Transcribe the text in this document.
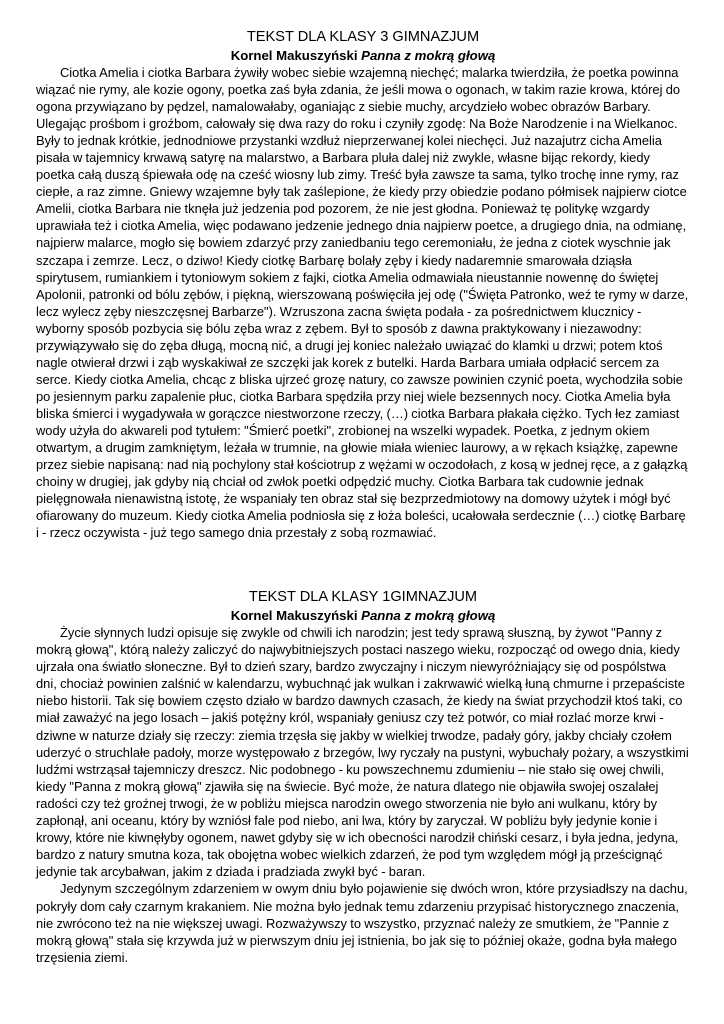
TEKST DLA KLASY 3 GIMNAZJUM
Kornel Makuszyński Panna z mokrą głową

Ciotka Amelia i ciotka Barbara żywiły wobec siebie wzajemną niechęć; malarka twierdziła, że poetka powinna wiązać nie rymy, ale kozie ogony, poetka zaś była zdania, że jeśli mowa o ogonach, w takim razie krowa, której do ogona przywiązano by pędzel, namalowałaby, oganiając z siebie muchy, arcydzieło wobec obrazów Barbary. Ulegając prośbom i groźbom, całowały się dwa razy do roku i czyniły zgodę: Na Boże Narodzenie i na Wielkanoc. Były to jednak krótkie, jednodniowe przystanki wzdłuż nieprzerwanej kolei niechęci. Już nazajutrz cicha Amelia pisała w tajemnicy krwawą satyrę na malarstwo, a Barbara pluła dalej niż zwykle, własne bijąc rekordy, kiedy poetka całą duszą śpiewała odę na cześć wiosny lub zimy. Treść była zawsze ta sama, tylko trochę inne rymy, raz ciepłe, a raz zimne. Gniewy wzajemne były tak zaślepione, że kiedy przy obiedzie podano półmisek najpierw ciotce Amelii, ciotka Barbara nie tknęła już jedzenia pod pozorem, że nie jest głodna. Ponieważ tę politykę wzgardy uprawiała też i ciotka Amelia, więc podawano jedzenie jednego dnia najpierw poetce, a drugiego dnia, na odmianę, najpierw malarce, mogło się bowiem zdarzyć przy zaniedbaniu tego ceremoniału, że jedna z ciotek wyschnie jak szczapa i zemrze. Lecz, o dziwo! Kiedy ciotkę Barbarę bolały zęby i kiedy nadaremnie smarowała dziąsła spirytusem, rumiankiem i tytoniowym sokiem z fajki, ciotka Amelia odmawiała nieustannie nowennę do świętej Apolonii, patronki od bólu zębów, i piękną, wierszowaną poświęciła jej odę ("Święta Patronko, weź te rymy w darze, lecz wylecz zęby nieszczęsnej Barbarze"). Wzruszona zacna święta podała - za pośrednictwem klucznicy - wyborny sposób pozbycia się bólu zęba wraz z zębem. Był to sposób z dawna praktykowany i niezawodny: przywiązywało się do zęba długą, mocną nić, a drugi jej koniec należało uwiązać do klamki u drzwi; potem ktoś nagle otwierał drzwi i ząb wyskakiwał ze szczęki jak korek z butelki. Harda Barbara umiała odpłacić sercem za serce. Kiedy ciotka Amelia, chcąc z bliska ujrzeć grozę natury, co zawsze powinien czynić poeta, wychodziła sobie po jesiennym parku zapalenie płuc, ciotka Barbara spędziła przy niej wiele bezsennych nocy. Ciotka Amelia była bliska śmierci i wygadywała w gorączce niestworzone rzeczy, (…) ciotka Barbara płakała ciężko. Tych łez zamiast wody użyła do akwareli pod tytułem: "Śmierć poetki", zrobionej na wszelki wypadek. Poetka, z jednym okiem otwartym, a drugim zamkniętym, leżała w trumnie, na głowie miała wieniec laurowy, a w rękach książkę, zapewne przez siebie napisaną: nad nią pochylony stał kościotrup z wężami w oczodołach, z kosą w jednej ręce, a z gałązką choiny w drugiej, jak gdyby nią chciał od zwłok poetki odpędzić muchy. Ciotka Barbara tak cudownie jednak pielęgnowała nienawistną istotę, że wspaniały ten obraz stał się bezprzedmiotowy na domowy użytek i mógł być ofiarowany do muzeum. Kiedy ciotka Amelia podniosła się z łoża boleści, ucałowała serdecznie (…) ciotkę Barbarę i - rzecz oczywista - już tego samego dnia przestały z sobą rozmawiać.

TEKST DLA KLASY 1GIMNAZJUM
Kornel Makuszyński Panna z mokrą głową

Życie słynnych ludzi opisuje się zwykle od chwili ich narodzin; jest tedy sprawą słuszną, by żywot "Panny z mokrą głową", którą należy zaliczyć do najwybitniejszych postaci naszego wieku, rozpocząć od owego dnia, kiedy ujrzała ona światło słoneczne. Był to dzień szary, bardzo zwyczajny i niczym niewyróżniający się od pospólstwa dni, chociaż powinien zalśnić w kalendarzu, wybuchnąć jak wulkan i zakrwawić wielką łuną chmurne i przepaściste niebo historii. Tak się bowiem często działo w bardzo dawnych czasach, że kiedy na świat przychodził ktoś taki, co miał zaważyć na jego losach – jakiś potężny król, wspaniały geniusz czy też potwór, co miał rozlać morze krwi - dziwne w naturze działy się rzeczy: ziemia trzęsła się jakby w wielkiej trwodze, padały góry, jakby chciały czołem uderzyć o struchlałe padoły, morze występowało z brzegów, lwy ryczały na pustyni, wybuchały pożary, a wszystkimi ludźmi wstrząsał tajemniczy dreszcz. Nic podobnego - ku powszechnemu zdumieniu – nie stało się owej chwili, kiedy "Panna z mokrą głową" zjawiła się na świecie. Być może, że natura dlatego nie objawiła swojej oszalałej radości czy też groźnej trwogi, że w pobliżu miejsca narodzin owego stworzenia nie było ani wulkanu, który by zapłonął, ani oceanu, który by wzniósł fale pod niebo, ani lwa, który by zaryczał. W pobliżu były jedynie konie i krowy, które nie kiwnęłyby ogonem, nawet gdyby się w ich obecności narodził chiński cesarz, i była jedna, jedyna, bardzo z natury smutna koza, tak obojętna wobec wielkich zdarzeń, że pod tym względem mógł ją prześcignąć jedynie tak arcybałwan, jakim z dziada i pradziada zwykł być - baran.

Jedynym szczególnym zdarzeniem w owym dniu było pojawienie się dwóch wron, które przysiadłszy na dachu, pokryły dom cały czarnym krakaniem. Nie można było jednak temu zdarzeniu przypisać historycznego znaczenia, nie zwrócono też na nie większej uwagi. Rozważywszy to wszystko, przyznać należy ze smutkiem, że "Pannie z mokrą głową" stała się krzywda już w pierwszym dniu jej istnienia, bo jak się to później okaże, godna była małego trzęsienia ziemi.
